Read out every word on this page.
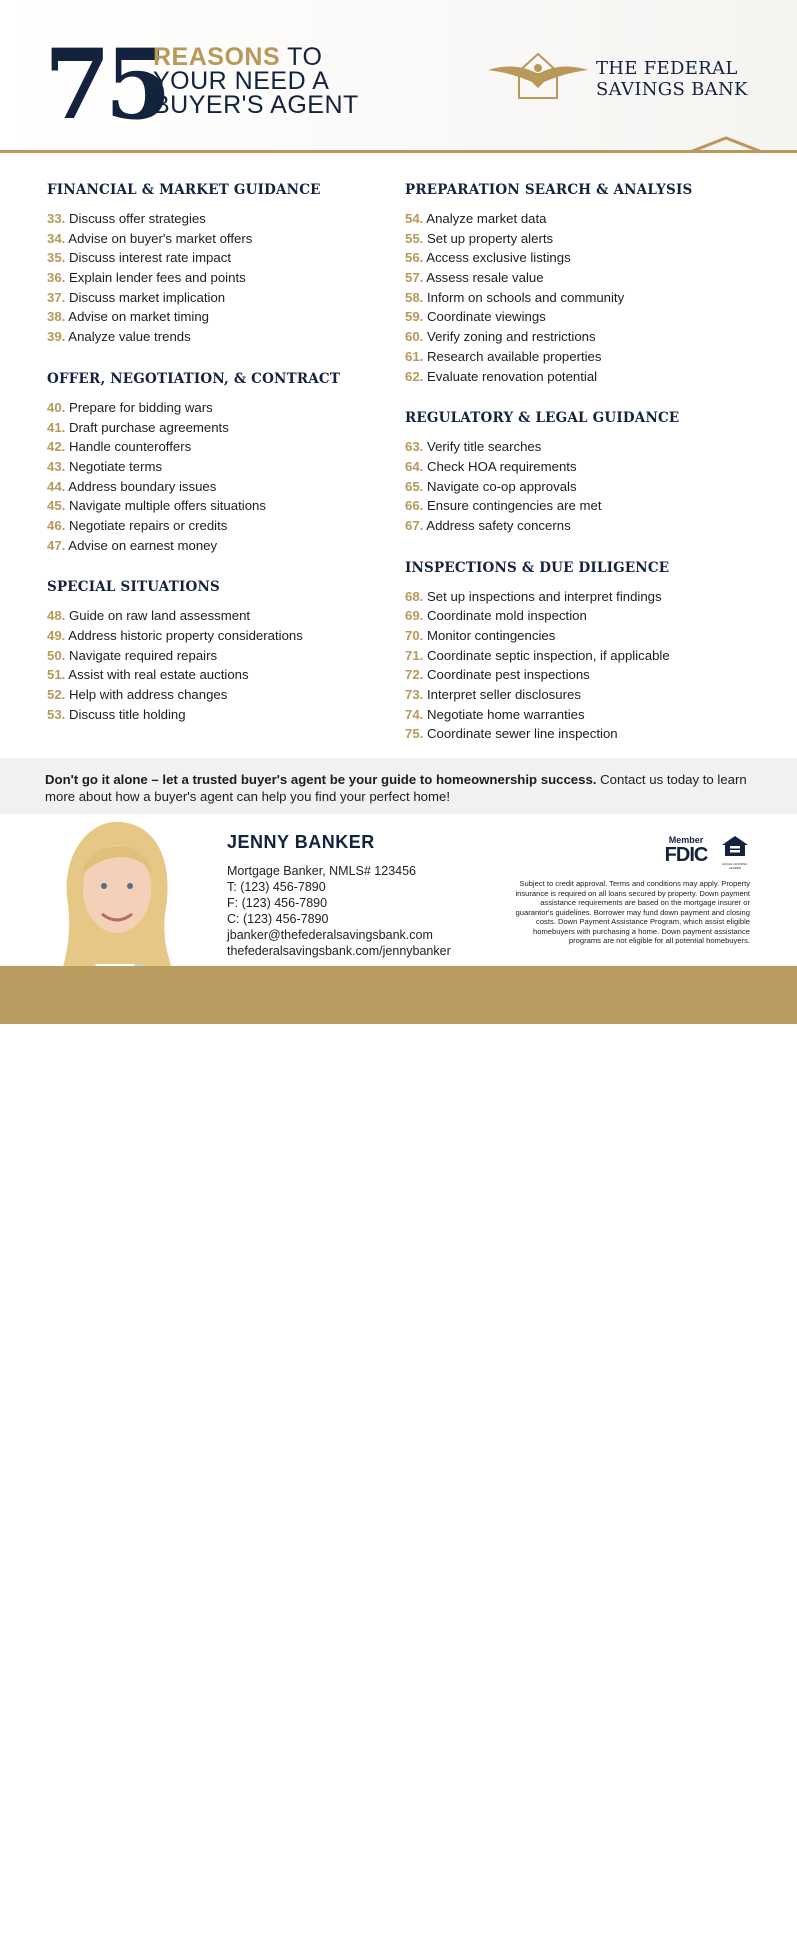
75
REASONS TO
YOUR NEED A
BUYER'S AGENT
THE FEDERAL
SAVINGS BANK
FINANCIAL & MARKET GUIDANCE
33. Discuss offer strategies
34. Advise on buyer's market offers
35. Discuss interest rate impact
36. Explain lender fees and points
37. Discuss market implication
38. Advise on market timing
39. Analyze value trends
OFFER, NEGOTIATION, & CONTRACT
40. Prepare for bidding wars
41. Draft purchase agreements
42. Handle counteroffers
43. Negotiate terms
44. Address boundary issues
45. Navigate multiple offers situations
46. Negotiate repairs or credits
47. Advise on earnest money
SPECIAL SITUATIONS
48. Guide on raw land assessment
49. Address historic property considerations
50. Navigate required repairs
51. Assist with real estate auctions
52. Help with address changes
53. Discuss title holding
PREPARATION SEARCH & ANALYSIS
54. Analyze market data
55. Set up property alerts
56. Access exclusive listings
57. Assess resale value
58. Inform on schools and community
59. Coordinate viewings
60. Verify zoning and restrictions
61. Research available properties
62. Evaluate renovation potential
REGULATORY & LEGAL GUIDANCE
63. Verify title searches
64. Check HOA requirements
65. Navigate co-op approvals
66. Ensure contingencies are met
67. Address safety concerns
INSPECTIONS & DUE DILIGENCE
68. Set up inspections and interpret findings
69. Coordinate mold inspection
70. Monitor contingencies
71. Coordinate septic inspection, if applicable
72. Coordinate pest inspections
73. Interpret seller disclosures
74. Negotiate home warranties
75. Coordinate sewer line inspection
Don't go it alone – let a trusted buyer's agent be your guide to homeownership success. Contact us today to learn more about how a buyer's agent can help you find your perfect home!
JENNY BANKER
Mortgage Banker, NMLS# 123456
T: (123) 456-7890
F: (123) 456-7890
C: (123) 456-7890
jbanker@thefederalsavingsbank.com
thefederalsavingsbank.com/jennybanker
Member
FDIC	EQUAL HOUSING LENDER
Subject to credit approval. Terms and conditions may apply. Property insurance is required on all loans secured by property. Down payment assistance requirements are based on the mortgage insurer or guarantor's guidelines. Borrower may fund down payment and closing costs. Down Payment Assistance Program, which assist eligible homebuyers with purchasing a home. Down payment assistance programs are not eligible for all potential homebuyers.
Copyright 2024 © The Federal Savings Bank | Co. NMLS# 411500 | All Rights Reserved | thefederalsavingsbank.com
